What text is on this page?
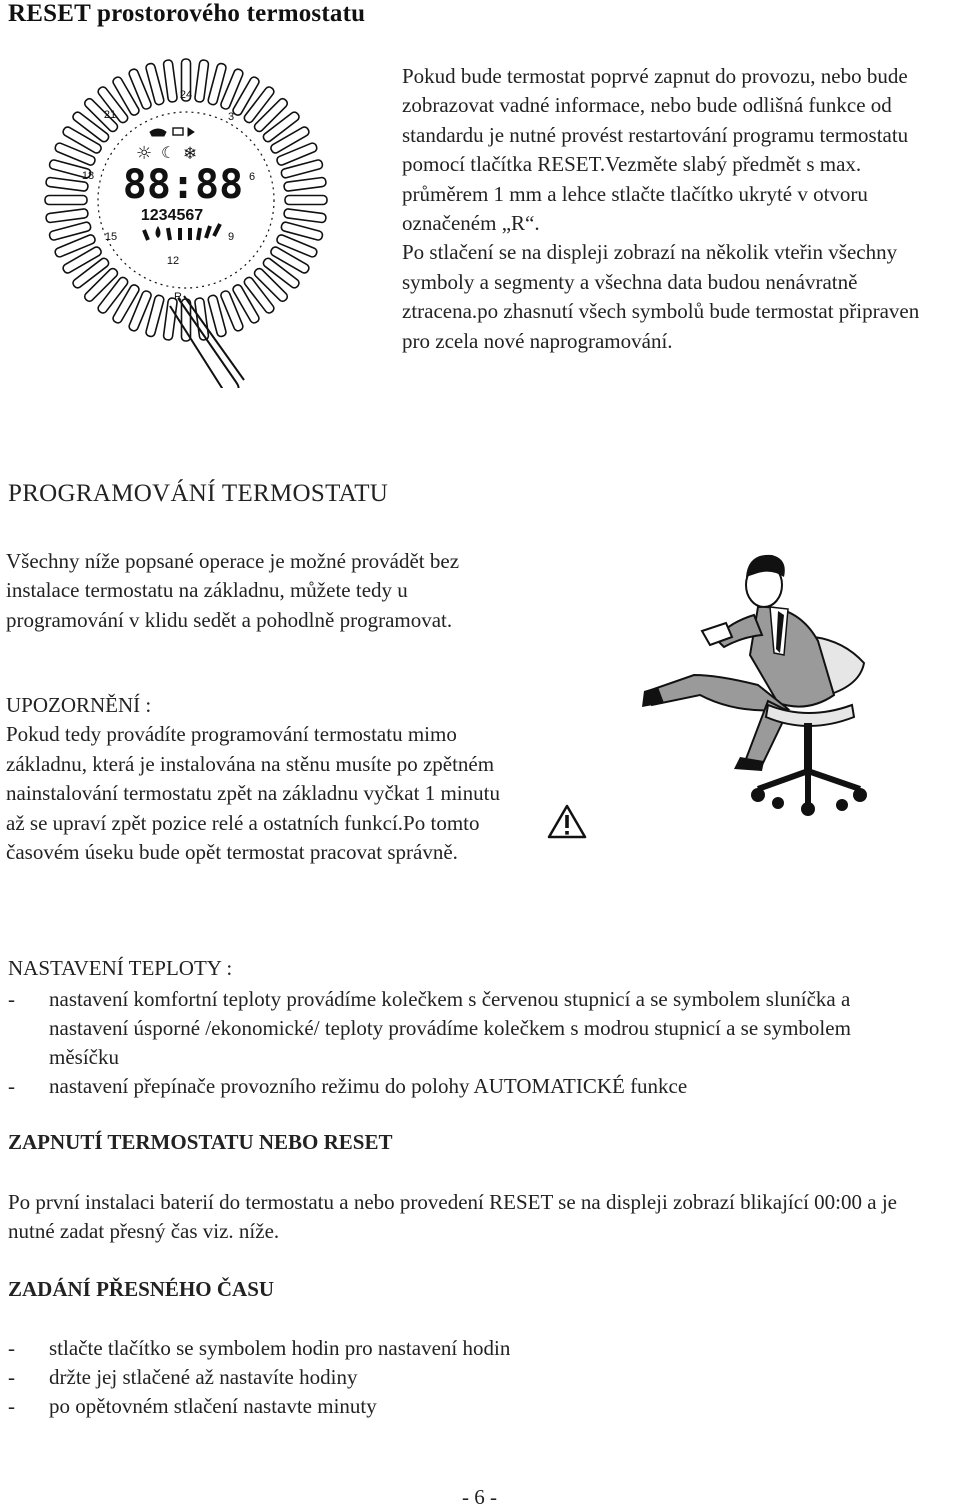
RESET prostorového termostatu
21
24
3
6
9
12
15
18
☼ ☾ ❄
88:88
1234567
R
Pokud bude termostat poprvé zapnut do provozu, nebo bude zobrazovat vadné informace, nebo bude odlišná funkce od standardu je nutné provést restartování programu termostatu pomocí tlačítka RESET.Vezměte slabý předmět s max. průměrem 1 mm a lehce stlačte tlačítko ukryté v otvoru označeném „R“.
Po stlačení se na displeji zobrazí na několik vteřin všechny symboly a segmenty a všechna data budou nenávratně ztracena.po zhasnutí všech symbolů bude termostat připraven pro zcela nové naprogramování.
PROGRAMOVÁNÍ TERMOSTATU
Všechny níže popsané operace je možné provádět bez instalace termostatu na základnu, můžete tedy u programování v klidu sedět a pohodlně programovat.
UPOZORNĚNÍ :
Pokud tedy provádíte programování termostatu mimo základnu, která je instalována na stěnu musíte po zpětném nainstalování termostatu zpět na základnu vyčkat 1 minutu až se upraví zpět pozice relé a ostatních funkcí.Po tomto časovém úseku bude opět termostat pracovat správně.
NASTAVENÍ TEPLOTY :
- nastavení komfortní teploty provádíme kolečkem s červenou stupnicí a se symbolem sluníčka a nastavení úsporné /ekonomické/ teploty provádíme kolečkem s modrou stupnicí a se symbolem měsíčku
- nastavení přepínače provozního režimu do polohy AUTOMATICKÉ funkce
ZAPNUTÍ TERMOSTATU NEBO RESET
Po první instalaci baterií do termostatu a nebo provedení RESET se na displeji zobrazí blikající 00:00 a je nutné zadat přesný čas viz. níže.
ZADÁNÍ PŘESNÉHO ČASU
- stlačte tlačítko se symbolem hodin pro nastavení hodin
- držte jej stlačené až nastavíte hodiny
- po opětovném stlačení nastavte minuty
- 6 -
